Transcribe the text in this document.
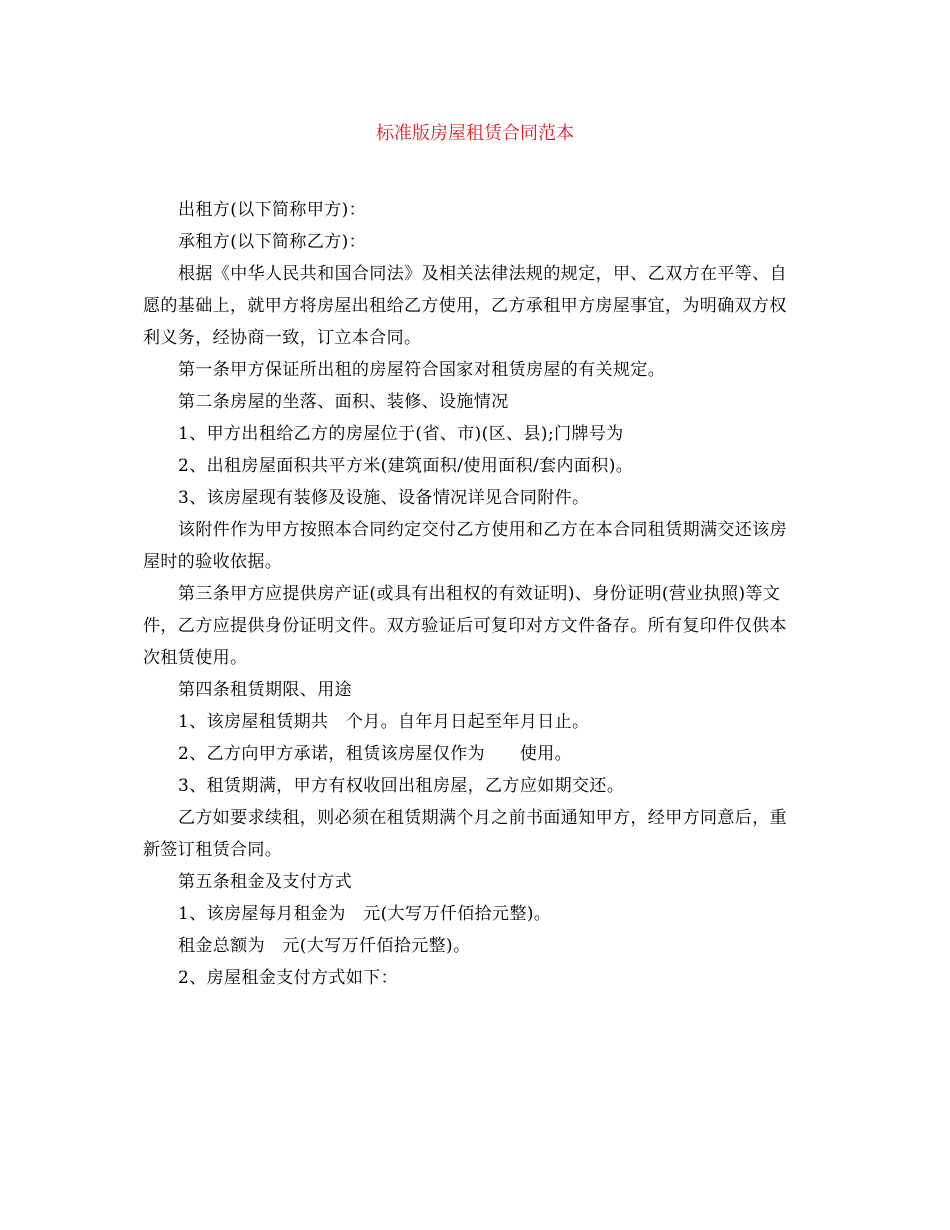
标准版房屋租赁合同范本

出租方(以下简称甲方)：

承租方(以下简称乙方)：

根据《中华人民共和国合同法》及相关法律法规的规定，甲、乙双方在平等、自愿的基础上，就甲方将房屋出租给乙方使用，乙方承租甲方房屋事宜，为明确双方权利义务，经协商一致，订立本合同。

第一条甲方保证所出租的房屋符合国家对租赁房屋的有关规定。

第二条房屋的坐落、面积、装修、设施情况

1、甲方出租给乙方的房屋位于(省、市)(区、县);门牌号为

2、出租房屋面积共平方米(建筑面积/使用面积/套内面积)。

3、该房屋现有装修及设施、设备情况详见合同附件。

该附件作为甲方按照本合同约定交付乙方使用和乙方在本合同租赁期满交还该房屋时的验收依据。

第三条甲方应提供房产证(或具有出租权的有效证明)、身份证明(营业执照)等文件，乙方应提供身份证明文件。双方验证后可复印对方文件备存。所有复印件仅供本次租赁使用。

第四条租赁期限、用途

1、该房屋租赁期共　个月。自年月日起至年月日止。

2、乙方向甲方承诺，租赁该房屋仅作为　　使用。

3、租赁期满，甲方有权收回出租房屋，乙方应如期交还。

乙方如要求续租，则必须在租赁期满个月之前书面通知甲方，经甲方同意后，重新签订租赁合同。

第五条租金及支付方式

1、该房屋每月租金为　元(大写万仟佰拾元整)。

租金总额为　元(大写万仟佰拾元整)。

2、房屋租金支付方式如下：
